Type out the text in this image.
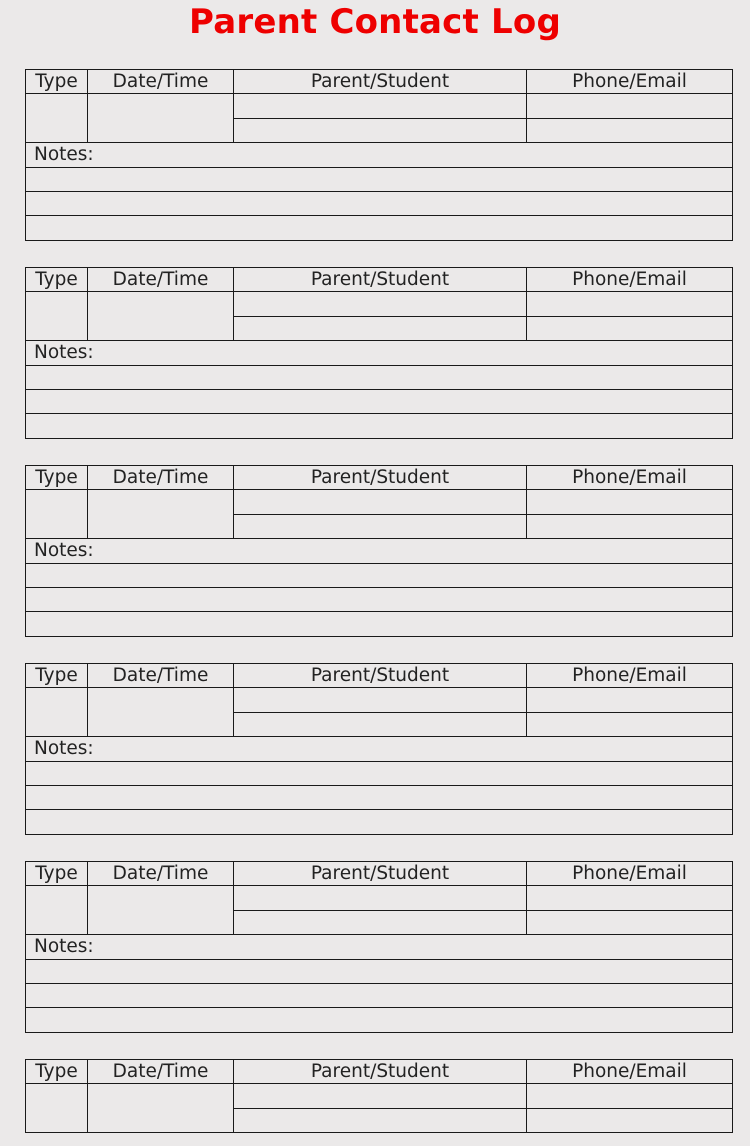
Parent Contact Log
Type	Date/Time	Parent/Student	Phone/Email

Notes:			

Type	Date/Time	Parent/Student	Phone/Email

Notes:			

Type	Date/Time	Parent/Student	Phone/Email

Notes:			

Type	Date/Time	Parent/Student	Phone/Email

Notes:			

Type	Date/Time	Parent/Student	Phone/Email

Notes:			

Type	Date/Time	Parent/Student	Phone/Email
